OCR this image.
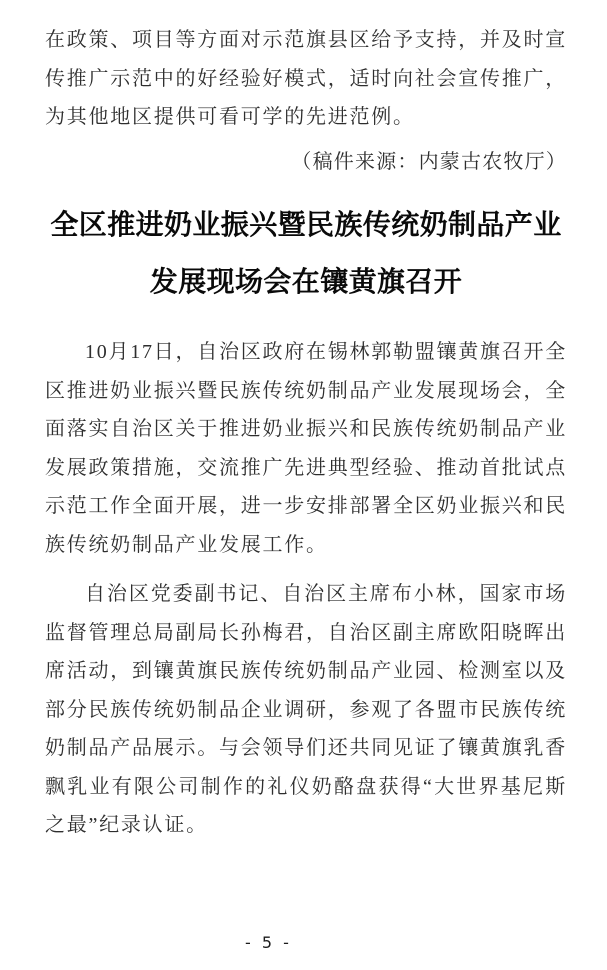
在政策、项目等方面对示范旗县区给予支持，并及时宣传推广示范中的好经验好模式，适时向社会宣传推广，为其他地区提供可看可学的先进范例。

（稿件来源：内蒙古农牧厅）

全区推进奶业振兴暨民族传统奶制品产业
发展现场会在镶黄旗召开

10月17日，自治区政府在锡林郭勒盟镶黄旗召开全区推进奶业振兴暨民族传统奶制品产业发展现场会，全面落实自治区关于推进奶业振兴和民族传统奶制品产业发展政策措施，交流推广先进典型经验、推动首批试点示范工作全面开展，进一步安排部署全区奶业振兴和民族传统奶制品产业发展工作。

自治区党委副书记、自治区主席布小林，国家市场监督管理总局副局长孙梅君，自治区副主席欧阳晓晖出席活动，到镶黄旗民族传统奶制品产业园、检测室以及部分民族传统奶制品企业调研，参观了各盟市民族传统奶制品产品展示。与会领导们还共同见证了镶黄旗乳香飘乳业有限公司制作的礼仪奶酪盘获得“大世界基尼斯之最”纪录认证。

- 5 -
